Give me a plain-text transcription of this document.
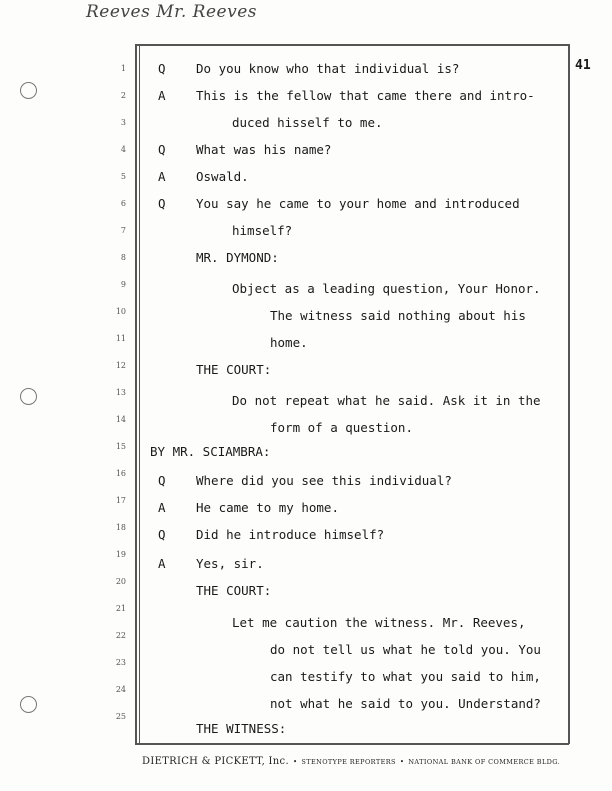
Reeves Mr. Reeves
41
1
2
3
4
5
6
7
8
9
10
11
12
13
14
15
16
17
18
19
20
21
22
23
24
25
Q Do you know who that individual is?
A This is the fellow that came there and intro-
duced hisself to me.
Q What was his name?
A Oswald.
Q You say he came to your home and introduced
himself?
MR. DYMOND:
Object as a leading question, Your Honor.
The witness said nothing about his
home.
THE COURT:
Do not repeat what he said. Ask it in the
form of a question.
BY MR. SCIAMBRA:
Q Where did you see this individual?
A He came to my home.
Q Did he introduce himself?
A Yes, sir.
THE COURT:
Let me caution the witness. Mr. Reeves,
do not tell us what he told you. You
can testify to what you said to him,
not what he said to you. Understand?
THE WITNESS:
DIETRICH & PICKETT, Inc. • STENOTYPE REPORTERS • NATIONAL BANK OF COMMERCE BLDG.
